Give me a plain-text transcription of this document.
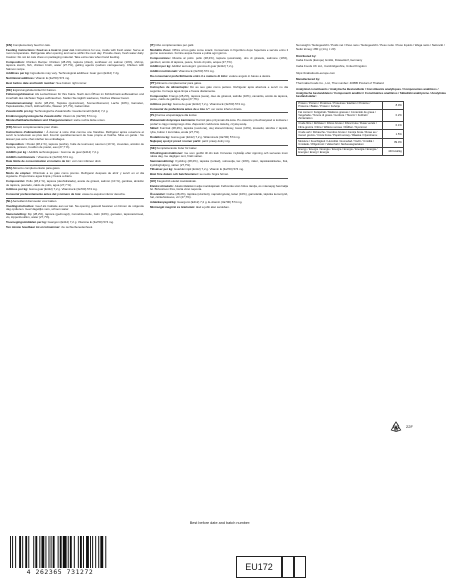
[EN] Complementary feed for cats.

Feeding instructions: Feed as a treat to your cat. Instructions for use, inside with fresh water. Serve at room temperature. Refrigerate after opening and serve within the next day. Provide clean, fresh water daily. Caution: Do not let cats chew on packaging material. Take extra care when hand feeding.

Composition: Chicken Recipe: Chicken (28.2%), tapioca (dried), sunflower oil, salmon (10%), shrimp, tapioca starch, fish, chicken broth, water (27.7%), gelling agents (sodium carrageenan), Chicken with Salmon recipe.

Additives per kg: Ingredients may vary. Technological additives: Guar gum (E412) 7.2g.

Nutritional additives: Vitamin E (3a700) 574 mg.

Best before date and batch number: See bottom right corner.

[DE] Ergänzungsfuttermittel für Katzen.

Fütterungshinweise: Als Leckerbissen für Ihre Katze. Nach dem Öffnen im Kühlschrank aufbewahren und innerhalb des nächsten Tages aufbrauchen. Stellen Sie täglich sauberes, frisches Wasser bereit.

Zusammensetzung: Huhn (28,2%), Tapioka (getrocknet), Sonnenblumenöl, Lachs (10%), Garnelen, Tapiokastärke, Fisch, Hühnerbrühe, Wasser (27,7%), Geliermittel.

Zusatzstoffe pro kg: Technologische Zusatzstoffe: Guarkernmehl (E412) 7,2 g.

Ernährungsphysiologische Zusatzstoffe: Vitamin E (3a700) 574 mg.

Mindesthaltbarkeitsdatum und Chargennummer: siehe rechte Ecke unten.

[FR] Aliment complémentaire pour chats.

Instructions d'alimentation : À donner à votre chat comme une friandise. Réfrigérer après ouverture et servir le lendemain au plus tard. Fournir quotidiennement de l'eau propre et fraîche. Mise en garde : Ne laissez pas votre chat mâcher les emballages.

Composition : Poulet (28,2 %), tapioca (séché), huile de tournesol, saumon (10 %), crevettes, amidon de tapioca, poisson, bouillon de poulet, eau (27,7 %).

Additifs par kg : Additifs technologiques : Gomme de guar (E412) 7,2 g.

Additifs nutritionnels : Vitamine E (3a700) 574 mg.

Date limite de consommation et numéro de lot : voir coin inférieur droit.

[ES] Alimento complementario para gatos.

Modo de empleo: Ofrézcalo a su gato como premio. Refrigerar después de abrir y servir en el día siguiente. Proporcione agua limpia y fresca a diario.

Composición: Pollo (28,2 %), tapioca (deshidratada), aceite de girasol, salmón (10 %), gambas, almidón de tapioca, pescado, caldo de pollo, agua (27,7 %).

Aditivos por kg: Goma guar (E412) 7,2 g. Vitamina E (3a700) 574 mg.

Consumir preferentemente antes del y número de lote: véase la esquina inferior derecha.

[NL] Aanvullend diervoeder voor katten.

Voedingsinstructies: Geef als traktatie aan uw kat. Na opening gekoeld bewaren en binnen de volgende dag opdienen. Geef dagelijks vers, schoon water.

Samenstelling: Kip (28,2%), tapioca (gedroogd), zonnebloemolie, zalm (10%), garnalen, tapiocazetmeel, vis, kippenbouillon, water (27,7%).

Toevoegingsmiddelen per kg: Guargom (E412) 7,2 g. Vitamine E (3a700) 574 mg.

Ten minste houdbaar tot en lotnummer: zie rechterbenedenhoek.

[IT] Cibo complementare per gatti.

Modalità d'uso: Offrire al tuo gatto come snack. Conservare in frigorifero dopo l'apertura e servire entro il giorno successivo. Fornire acqua fresca e pulita ogni giorno.

Composizione: Ricetta al pollo: pollo (28,2%), tapioca (essiccata), olio di girasole, salmone (10%), gamberi, amido di tapioca, pesce, brodo di pollo, acqua (27,7%).

Additivi per kg: Additivi tecnologici: gomma di guar (E412) 7,2 g.

Additivi nutrizionali: Vitamina E (3a700) 574 mg.

Da consumarsi preferibilmente entro il e numero di lotto: vedere angolo in basso a destra.

[PT] Alimento complementar para gatos.

Instruções de alimentação: Dê ao seu gato como petisco. Refrigerar após abertura e servir no dia seguinte. Forneça água limpa e fresca diariamente.

Composição: Frango (28,2%), tapioca (seca), óleo de girassol, salmão (10%), camarão, amido de tapioca, peixe, caldo de galinha, água (27,7%).

Aditivos por kg: Goma de guar (E412) 7,2 g. Vitamina E (3a700) 574 mg.

Consumir de preferência antes de e lote n.º: ver canto inferior direito.

[PL] Karma uzupełniająca dla kotów.

Wskazówki dotyczące karmienia: Karmić jako przysmak dla kota. Po otwarciu przechowywać w lodówce i podać w ciągu następnego dnia. Zapewnić codziennie świeżą, czystą wodę.

Skład: Kurczak (28,2%), tapioka (suszona), olej słonecznikowy, łosoś (10%), krewetki, skrobia z tapioki, ryba, bulion z kurczaka, woda (27,7%).

Dodatki na kg: Guma guar (E412) 7,2 g. Witamina E (3a700) 574 mg.

Najlepiej spożyć przed i numer partii: patrz prawy dolny róg.

[SE] Kompletterande foder för katter.

Utfodringsinstruktioner: Ge som godbit till din katt. Förvaras i kylskåp efter öppning och serveras inom nästa dag. Ge dagligen rent, friskt vatten.

Sammansättning: Kyckling (28,2%), tapioka (torkad), solrosolja, lax (10%), räkor, tapiokastärkelse, fisk, kycklingbuljong, vatten (27,7%).

Tillsatser per kg: Guarkärnmjöl (E412) 7,2 g. Vitamin E (3a700) 574 mg.

Bäst före datum och batchnummer: se nedre högra hörnet.

[HU] Kiegészítő eledel macskáknak.

Etetési útmutató: Jutalomfalatként adja macskájának. Felbontás után hűtve tárolja, és másnapig használja fel. Biztosítson friss, tiszta vizet naponta.

Összetétel: Csirke (28,2%), tápióka (szárított), napraforgóolaj, lazac (10%), garnélarák, tápióka keményítő, hal, csirkehúsleves, víz (27,7%).

Adalékanyagok/kg: Guargumi (E412) 7,2 g. E-vitamin (3a700) 574 mg.

Minőségét megőrzi és tételszám: lásd a jobb alsó sarokban.

Net weight / Nettogewicht / Poids net / Peso neto / Nettogewicht / Peso netto / Peso líquido / Waga netto / Nettovikt / Nettó tömeg: 280 g (14 g × 20)
Distributed by:
Inaba Foods (Europe) GmbH, Düsseldorf, Germany
Inaba Foods UK Ltd., Cambridgeshire, United Kingdom
https://inabafoods-europe.com
Manufactured by:
Thai Inaba Foods Co., Ltd., Thai number: 4095B Product of Thailand
Analytical constituents / Analytische Bestandteile / Constituants analytiques / Componentes analíticos / Analytische bestanddelen / Componenti analitici / Constituintes analíticos / Składniki analityczne / Analytiska beståndsdelar:
Protein / Protein / Protéines / Proteínas / Eiwitten / Proteine / Proteína / Białko / Protein / Fehérje	8.0%
Fat content / Fettgehalt / Matières grasses / Contenido de grasa / Vetgehalte / Tenore di grassi / Gordura / Tłuszcz / Fetthalt / Zsírtartalom	0.2%
Crude fibre / Rohfaser / Fibres brutes / Fibra bruta / Ruwe vezels / Fibra grezza / Fibra / Włókno surowe / Råfiber / Nyersrost	0.1%
Crude ash / Rohasche / Cendres brutes / Ceniza bruta / Ruwe as / Ceneri grezze / Cinza bruta / Popiół surowy / Råaska / Nyershamu	1.5%
Moisture / Feuchtigkeit / Humidité / Humedad / Vocht / Umidità / Umidade / Wilgotność / Vattenhalt / Nedvességtartalom	89.0%
Energy / Energie / Énergie / Energía / Energie / Energia / Energia / Energia / Energi / Energia	440 kcal/kg
22F
Best before date and batch number:
4 262365 731272	EU172
